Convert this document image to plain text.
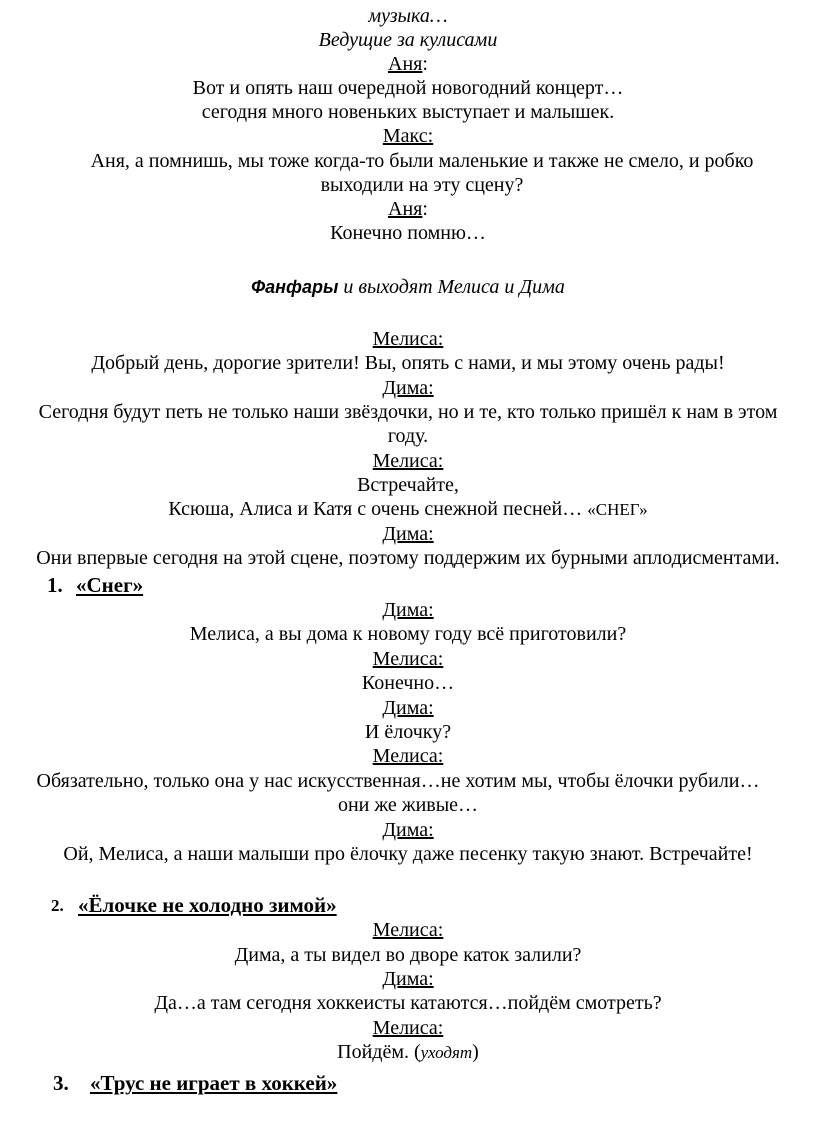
музыка…
Ведущие за кулисами
Аня:
Вот и опять наш очередной новогодний концерт…
сегодня много новеньких выступает и малышек.
Макс:
Аня, а помнишь, мы тоже когда-то были маленькие и также не смело, и робко
выходили на эту сцену?
Аня:
Конечно помню…
Фанфары и выходят Мелиса и Дима
Мелиса:
Добрый день, дорогие зрители! Вы, опять с нами, и мы этому очень рады!
Дима:
Сегодня будут петь не только наши звёздочки, но и те, кто только пришёл к нам в этом
году.
Мелиса:
Встречайте,
Ксюша, Алиса и Катя с очень снежной песней… «СНЕГ»
Дима:
Они впервые сегодня на этой сцене, поэтому поддержим их бурными аплодисментами.
1. «Снег»
Дима:
Мелиса, а вы дома к новому году всё приготовили?
Мелиса:
Конечно…
Дима:
И ёлочку?
Мелиса:
Обязательно, только она у нас искусственная…не хотим мы, чтобы ёлочки рубили…
они же живые…
Дима:
Ой, Мелиса, а наши малыши про ёлочку даже песенку такую знают. Встречайте!
2. «Ёлочке не холодно зимой»
Мелиса:
Дима, а ты видел во дворе каток залили?
Дима:
Да…а там сегодня хоккеисты катаются…пойдём смотреть?
Мелиса:
Пойдём. (уходят)
3. «Трус не играет в хоккей»
